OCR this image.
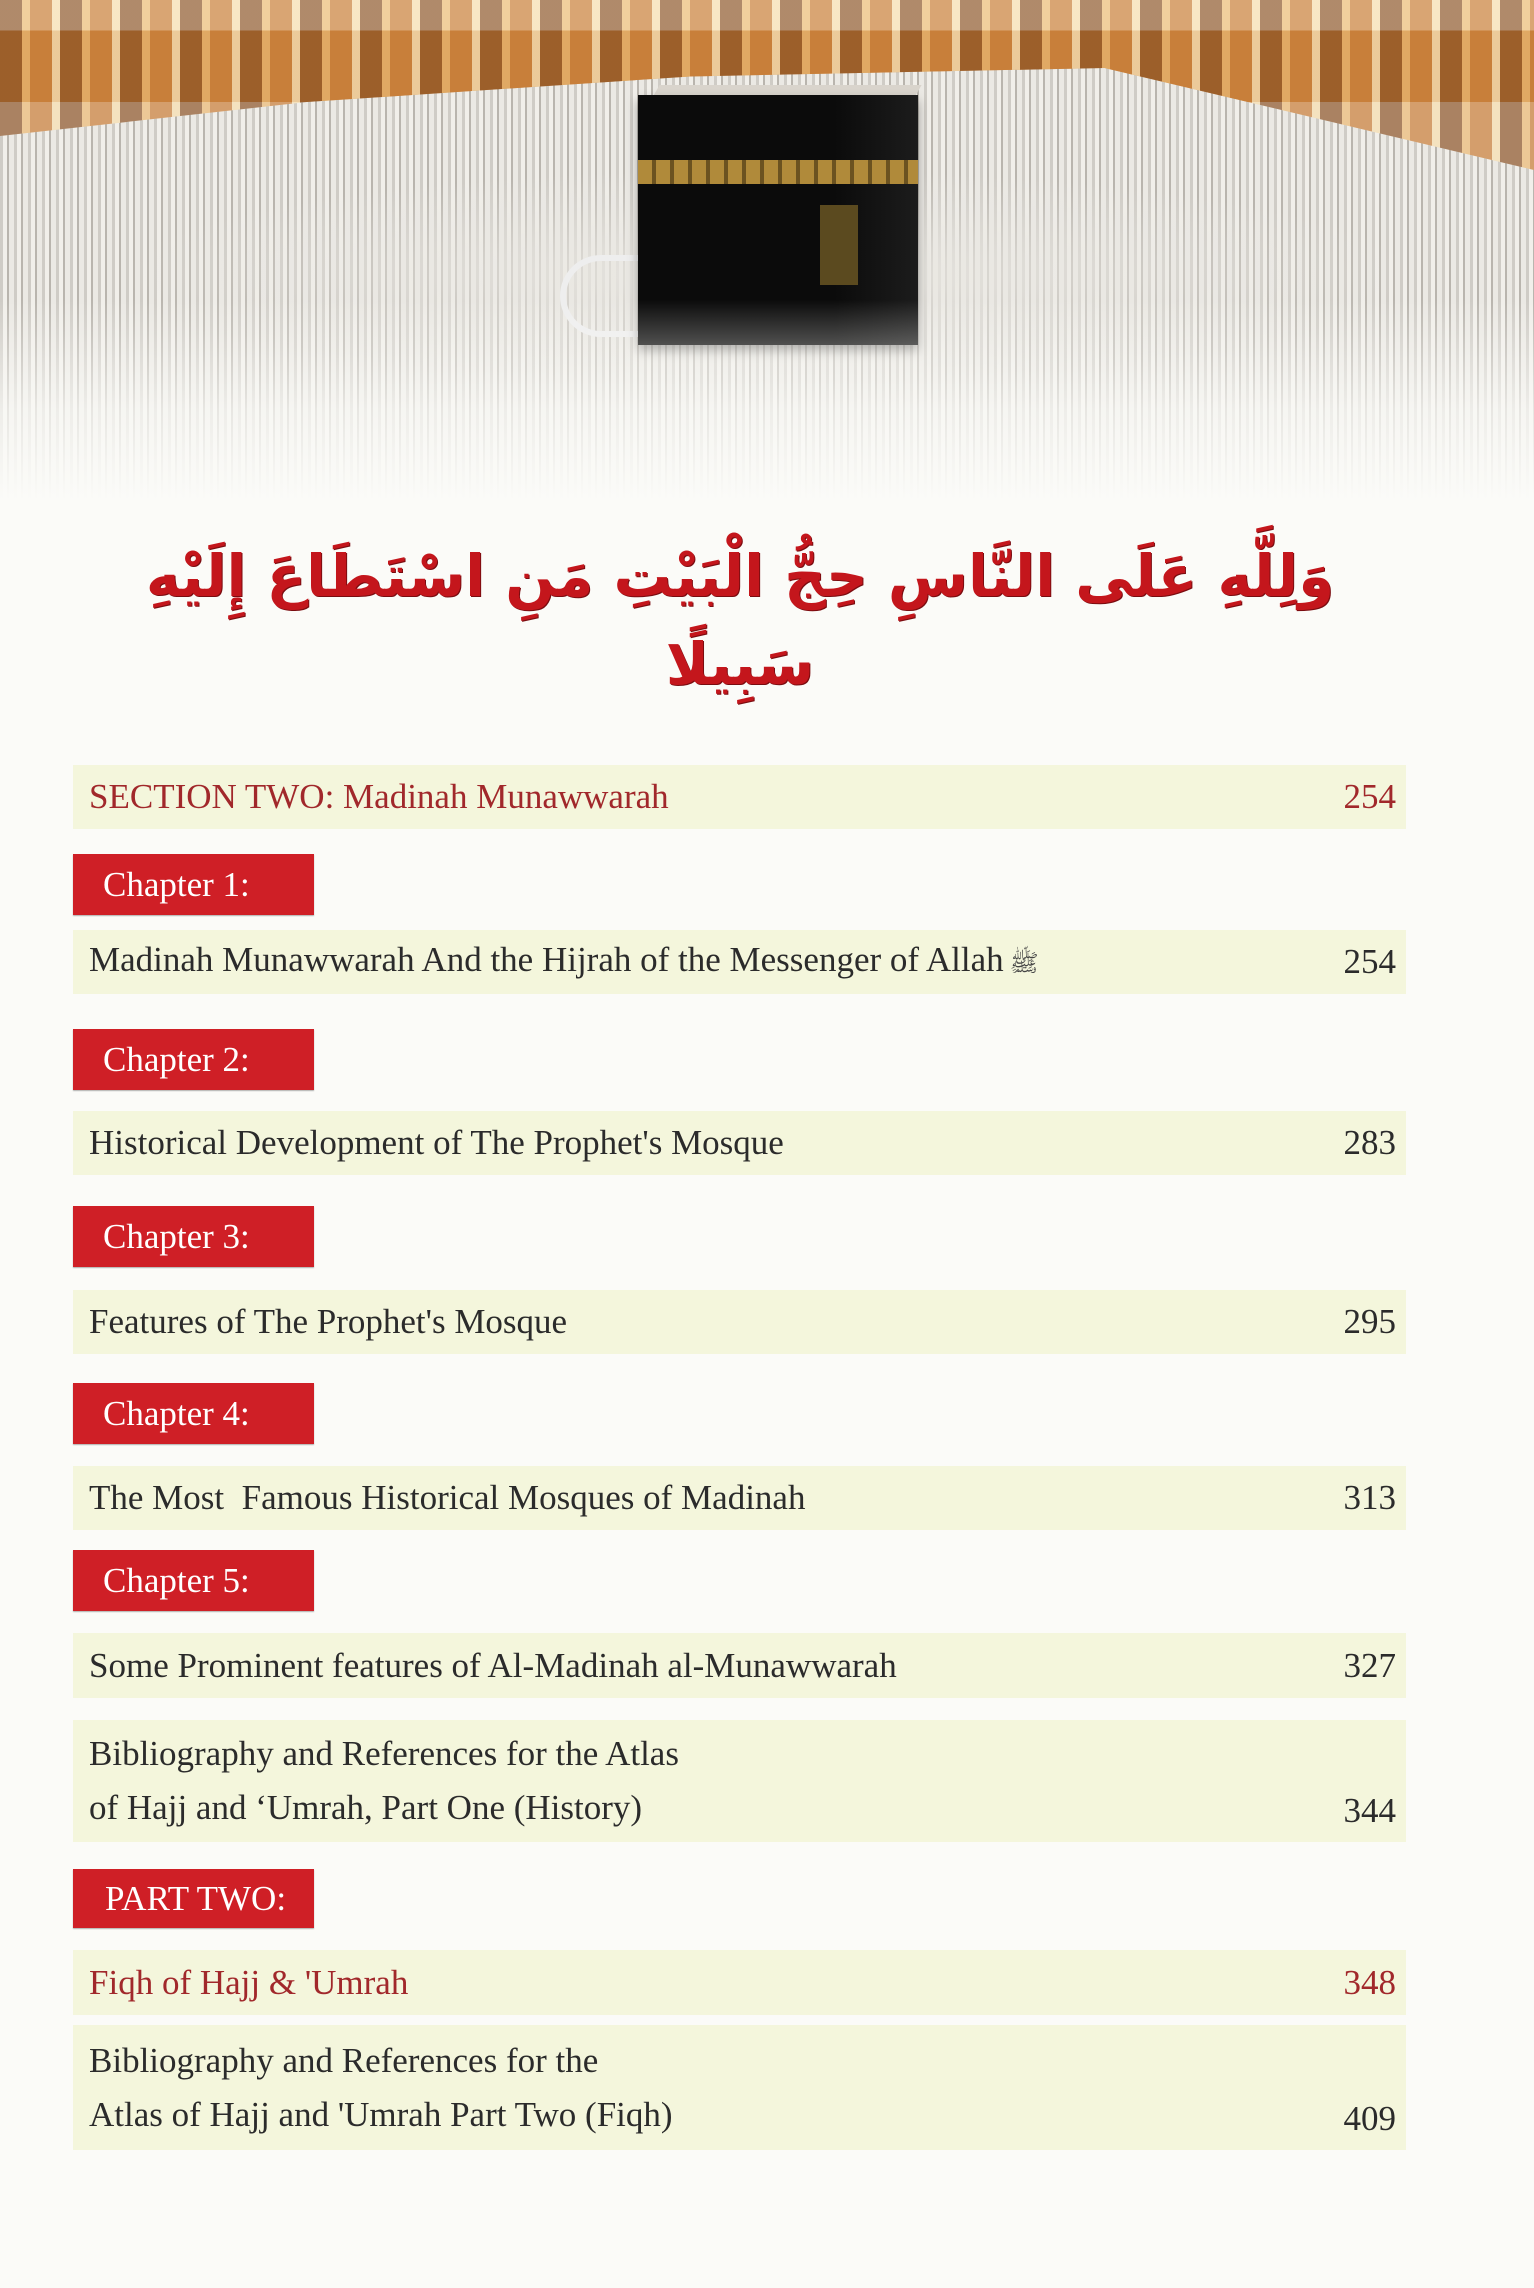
وَلِلَّهِ عَلَى النَّاسِ حِجُّ الْبَيْتِ مَنِ اسْتَطَاعَ إِلَيْهِ سَبِيلًا
SECTION TWO: Madinah Munawwarah	254
Chapter 1:
Madinah Munawwarah And the Hijrah of the Messenger of Allah ﷺ	254
Chapter 2:
Historical Development of The Prophet's Mosque	283
Chapter 3:
Features of The Prophet's Mosque	295
Chapter 4:
The Most  Famous Historical Mosques of Madinah	313
Chapter 5:
Some Prominent features of Al-Madinah al-Munawwarah	327
Bibliography and References for the Atlas
of Hajj and ‘Umrah, Part One (History)	344
PART TWO:
Fiqh of Hajj & 'Umrah	348
Bibliography and References for the
Atlas of Hajj and 'Umrah Part Two (Fiqh)	409
